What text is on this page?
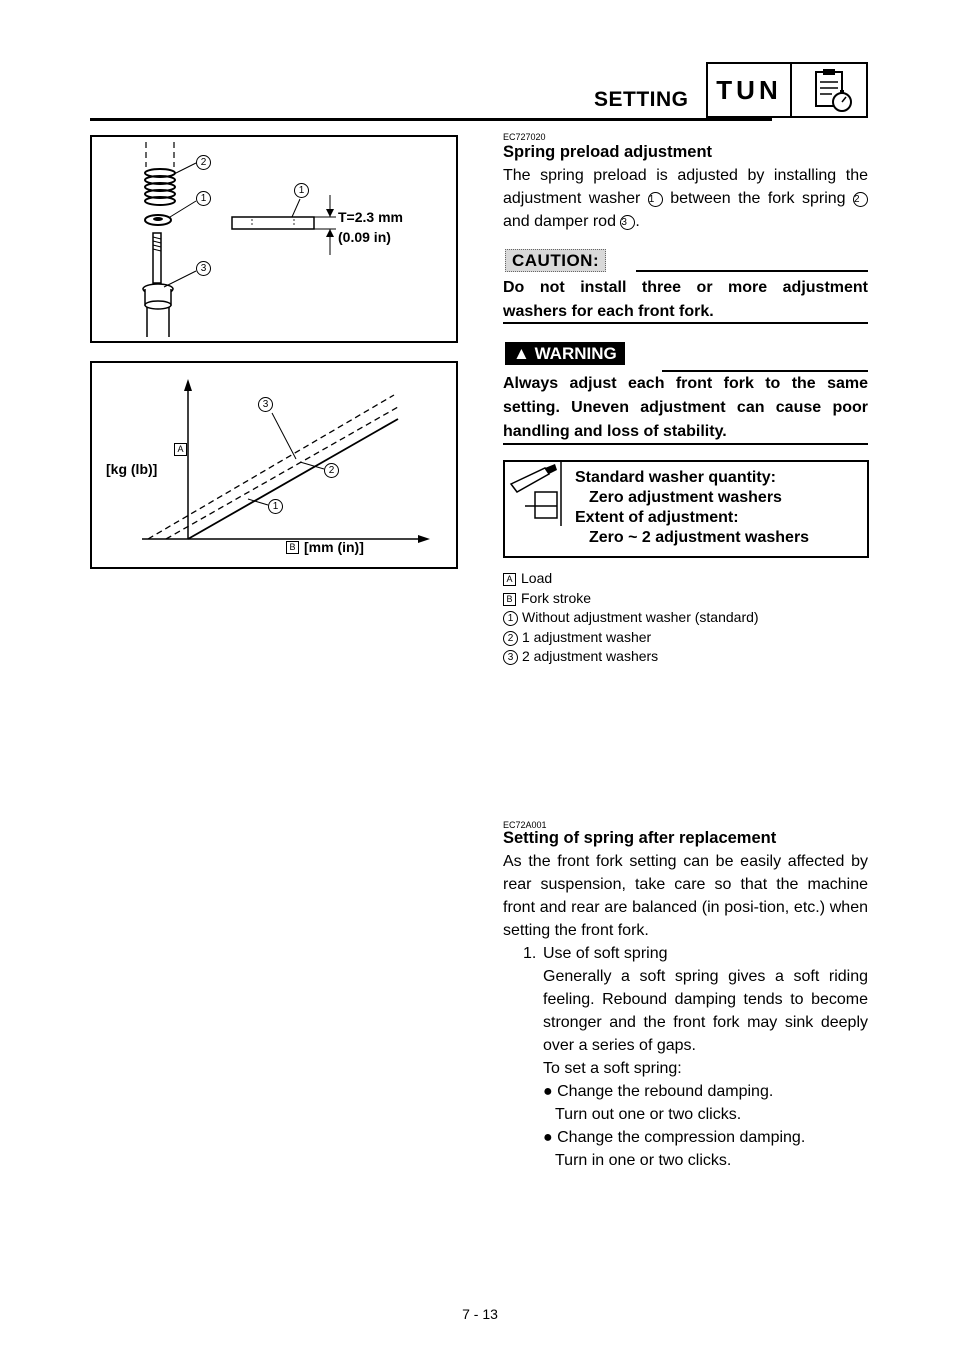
SETTING	TUN
2
1
3
1
T=2.3 mm
(0.09 in)
A
[kg (lb)]
B [mm (in)]
3
2
1
EC727020
Spring preload adjustment
The spring preload is adjusted by installing the adjustment washer 1 between the fork spring 2 and damper rod 3 .
CAUTION:
Do not install three or more adjustment washers for each front fork.
▲ WARNING
Always adjust each front fork to the same setting. Uneven adjustment can cause poor handling and loss of stability.
Standard washer quantity:
Zero adjustment washers
Extent of adjustment:
Zero ~ 2 adjustment washers
A Load
B Fork stroke
1 Without adjustment washer (standard)
2 1 adjustment washer
3 2 adjustment washers
EC72A001
Setting of spring after replacement
As the front fork setting can be easily affected by rear suspension, take care so that the machine front and rear are balanced (in posi-tion, etc.) when setting the front fork.
1. Use of soft spring
Generally a soft spring gives a soft riding feeling. Rebound damping tends to become stronger and the front fork may sink deeply over a series of gaps.
To set a soft spring:
● Change the rebound damping.
Turn out one or two clicks.
● Change the compression damping.
Turn in one or two clicks.
7 - 13
